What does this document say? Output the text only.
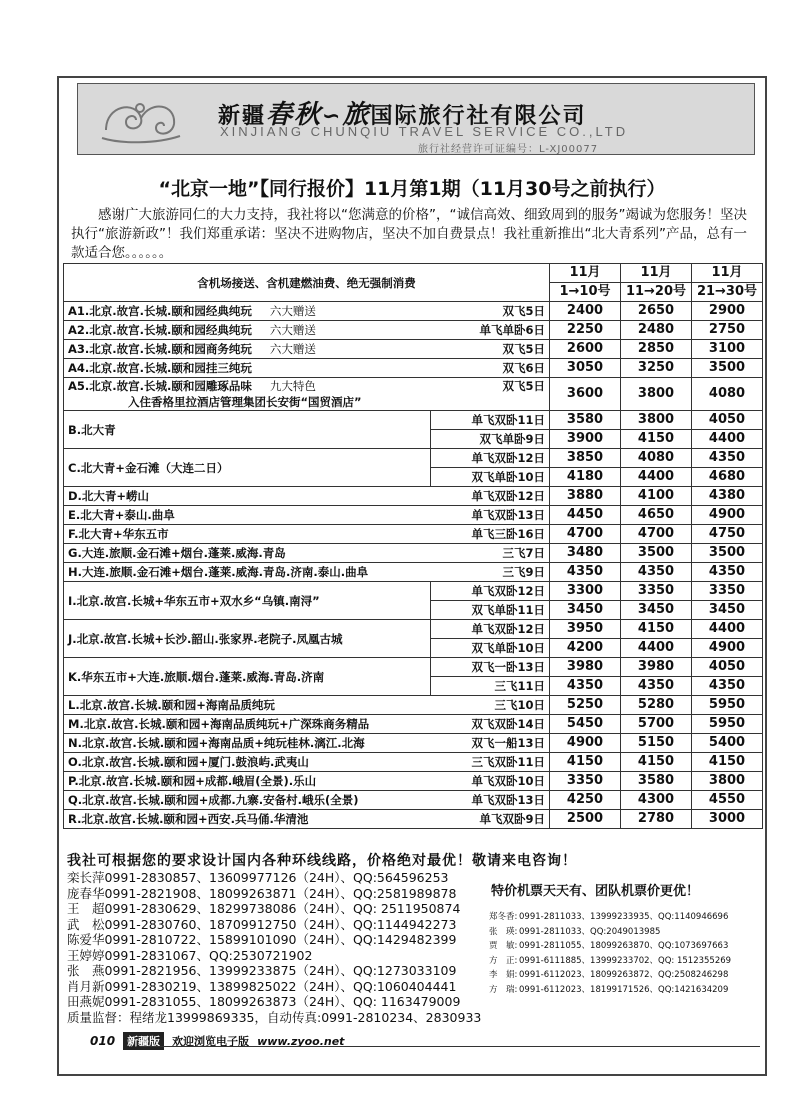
新疆春秋∽旅国际旅行社有限公司
XINJIANG CHUNQIU TRAVEL SERVICE CO.,LTD
旅行社经营许可证编号：L-XJ00077
“北京一地”【同行报价】11月第1期（11月30号之前执行）

感谢广大旅游同仁的大力支持，我社将以“您满意的价格”，“诚信高效、细致周到的服务”竭诚为您服务！坚决执行“旅游新政”！我们郑重承诺：坚决不进购物店，坚决不加自费景点！我社重新推出“北大青系列”产品，总有一款适合您。。。。。。

含机场接送、含机建燃油费、绝无强制消费		11月	11月	11月
		1→10号	11→20号	21→30号

A1.北京.故宫.长城.颐和园经典纯玩 六大赠送 双飞5日		2400	2650	2900

A2.北京.故宫.长城.颐和园经典纯玩 六大赠送 单飞单卧6日		2250	2480	2750

A3.北京.故宫.长城.颐和园商务纯玩 六大赠送 双飞5日		2600	2850	3100

A4.北京.故宫.长城.颐和园挂三纯玩 双飞6日		3050	3250	3500

A5.北京.故宫.长城.颐和园雕琢品味 九大特色 双飞5日
入住香格里拉酒店管理集团长安街“国贸酒店”		3600	3800	4080
B.北大青	单飞双卧11日	3580	3800	4050
	双飞单卧9日	3900	4150	4400
C.北大青+金石滩（大连二日）	单飞双卧12日	3850	4080	4350
	双飞单卧10日	4180	4400	4680

D.北大青+崂山 单飞双卧12日		3880	4100	4380

E.北大青+泰山.曲阜 单飞双卧13日		4450	4650	4900

F.北大青+华东五市 单飞三卧16日		4700	4700	4750

G.大连.旅顺.金石滩+烟台.蓬莱.威海.青岛 三飞7日		3480	3500	3500

H.大连.旅顺.金石滩+烟台.蓬莱.威海.青岛.济南.泰山.曲阜 三飞9日		4350	4350	4350
I.北京.故宫.长城+华东五市+双水乡“乌镇.南浔”	单飞双卧12日	3300	3350	3350
	双飞单卧11日	3450	3450	3450
J.北京.故宫.长城+长沙.韶山.张家界.老院子.凤凰古城	单飞双卧12日	3950	4150	4400
	双飞单卧10日	4200	4400	4900
K.华东五市+大连.旅顺.烟台.蓬莱.威海.青岛.济南	双飞一卧13日	3980	3980	4050
	三飞11日	4350	4350	4350

L.北京.故宫.长城.颐和园+海南品质纯玩 三飞10日		5250	5280	5950

M.北京.故宫.长城.颐和园+海南品质纯玩+广深珠商务精品 双飞双卧14日		5450	5700	5950

N.北京.故宫.长城.颐和园+海南品质+纯玩桂林.漓江.北海 双飞一船13日		4900	5150	5400

O.北京.故宫.长城.颐和园+厦门.鼓浪屿.武夷山 三飞双卧11日		4150	4150	4150

P.北京.故宫.长城.颐和园+成都.峨眉(全景).乐山 单飞双卧10日		3350	3580	3800

Q.北京.故宫.长城.颐和园+成都.九寨.安备村.峨乐(全景) 单飞双卧13日		4250	4300	4550

R.北京.故宫.长城.颐和园+西安.兵马俑.华清池 单飞双卧9日		2500	2780	3000
我社可根据您的要求设计国内各种环线线路，价格绝对最优！敬请来电咨询！
栾长萍0991-2830857、13609977126（24H）、QQ:564596253
庞春华0991-2821908、18099263871（24H）、QQ:2581989878
王　超0991-2830629、18299738086（24H）、QQ: 2511950874
武　松0991-2830760、18709912750（24H）、QQ:1144942273
陈爱华0991-2810722、15899101090（24H）、QQ:1429482399
王婷婷0991-2831067、QQ:2530721902
张　燕0991-2821956、13999233875（24H）、QQ:1273033109
肖月新0991-2830219、13899825022（24H）、QQ:1060404441
田燕妮0991-2831055、18099263873（24H）、QQ: 1163479009
质量监督：程绪龙13999869335，自动传真:0991-2810234、2830933
特价机票天天有、团队机票价更优！
郑冬香: 0991-2811033、13999233935、QQ:1140946696
张　瑛: 0991-2811033、QQ:2049013985
贾　敏: 0991-2811055、18099263870、QQ:1073697663
方　正: 0991-6111885、13999233702、QQ: 1512355269
李　娟: 0991-6112023、18099263872、QQ:2508246298
方　瑞: 0991-6112023、18199171526、QQ:1421634209
010	新疆版	欢迎浏览电子版 www.zyoo.net
